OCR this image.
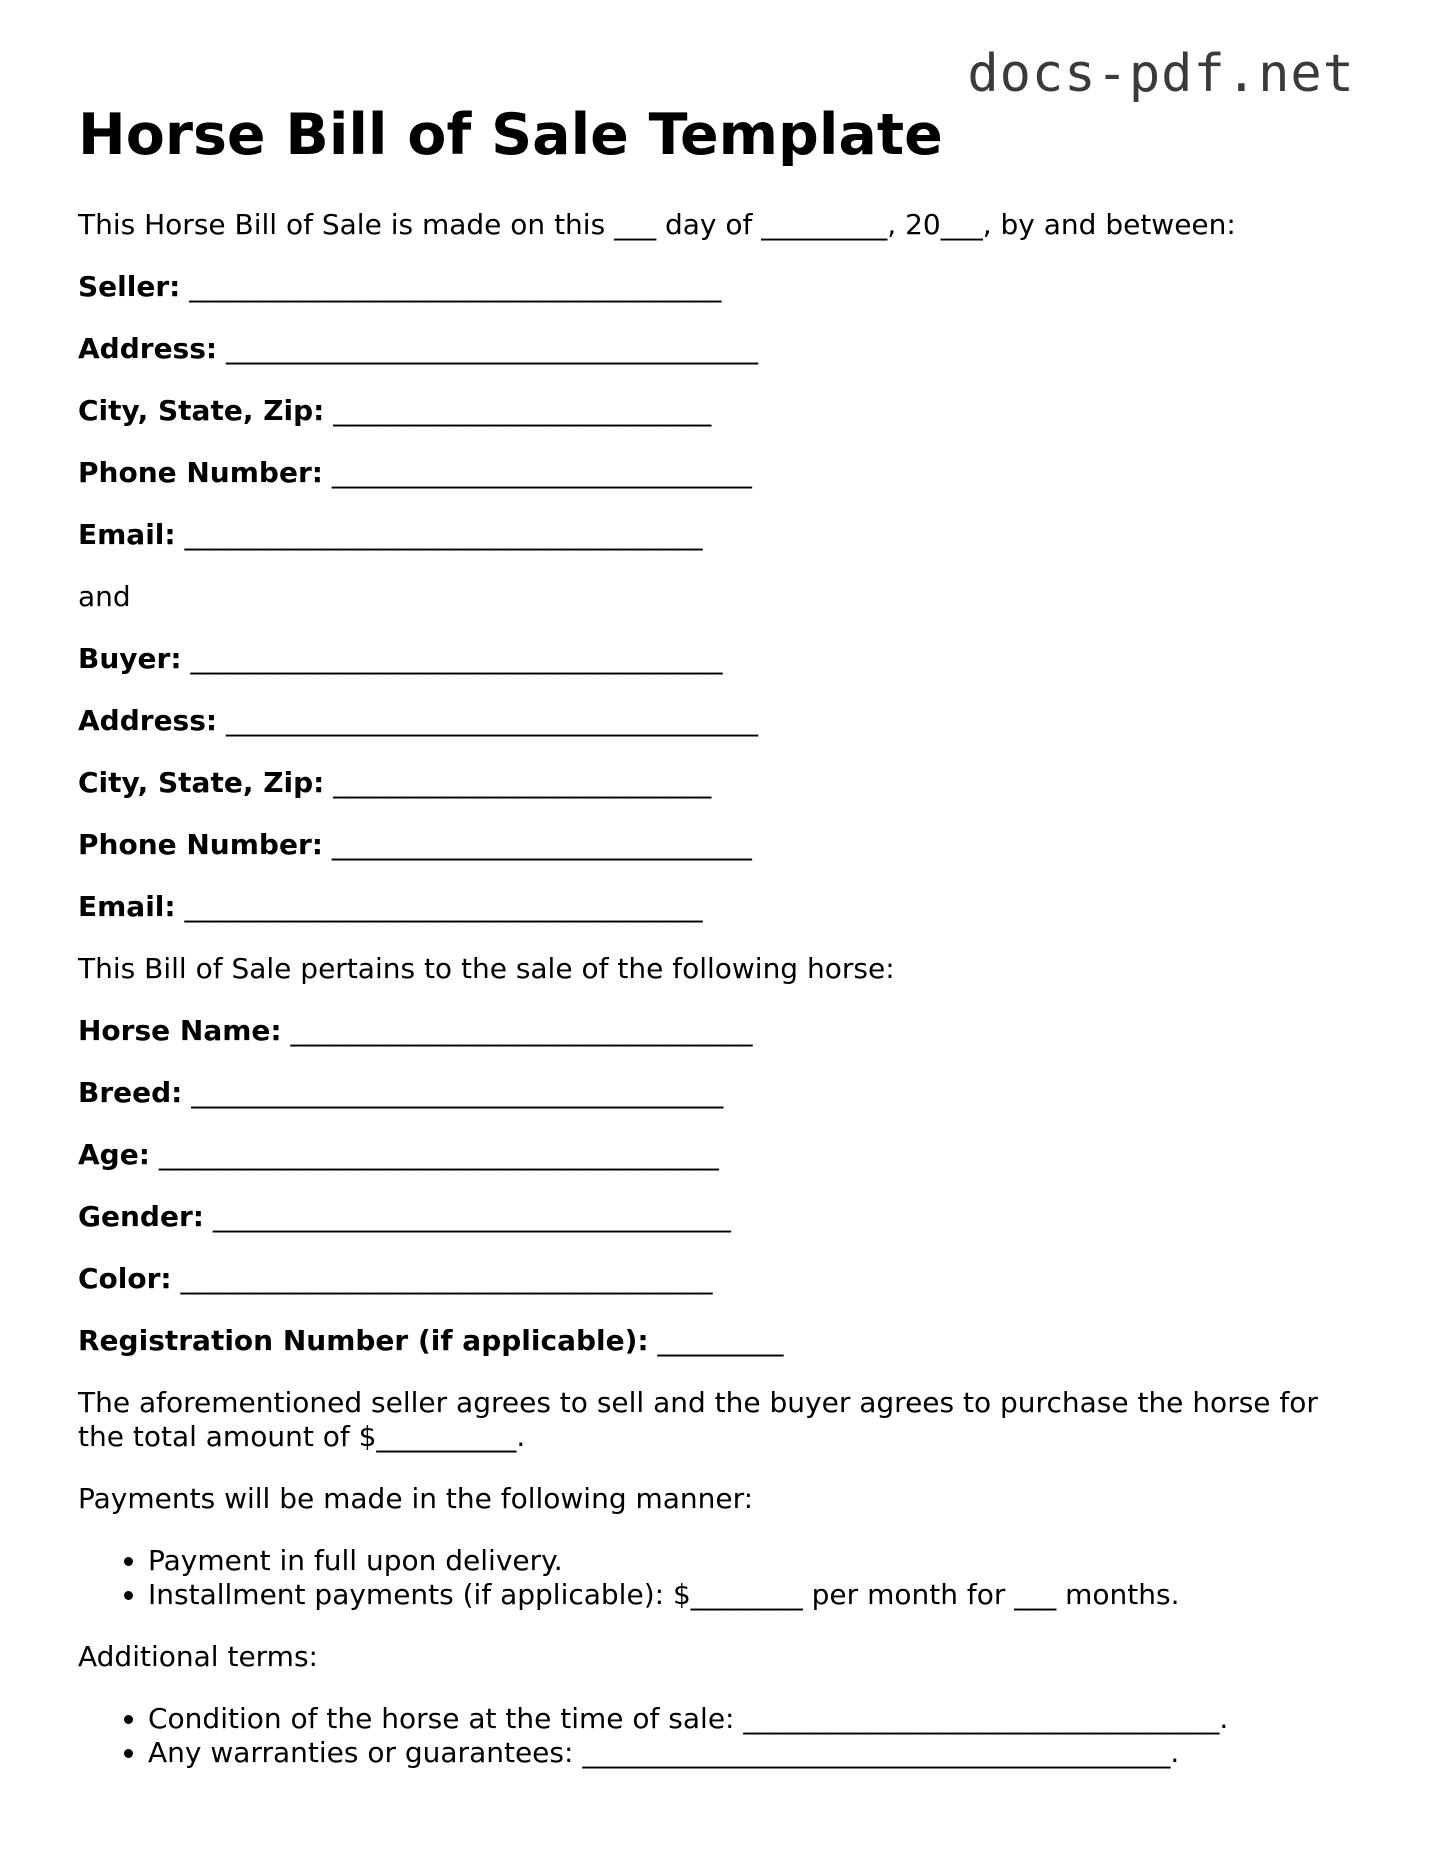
docs-pdf.net
Horse Bill of Sale Template

This Horse Bill of Sale is made on this ___ day of _________, 20___, by and between:

Seller: ______________________________________

Address: ______________________________________

City, State, Zip: ___________________________

Phone Number: ______________________________

Email: _____________________________________

and

Buyer: ______________________________________

Address: ______________________________________

City, State, Zip: ___________________________

Phone Number: ______________________________

Email: _____________________________________

This Bill of Sale pertains to the sale of the following horse:

Horse Name: _________________________________

Breed: ______________________________________

Age: ________________________________________

Gender: _____________________________________

Color: ______________________________________

Registration Number (if applicable): _________

The aforementioned seller agrees to sell and the buyer agrees to purchase the horse for the total amount of $__________.

Payments will be made in the following manner:

• Payment in full upon delivery.
• Installment payments (if applicable): $________ per month for ___ months.

Additional terms:

• Condition of the horse at the time of sale: __________________________________.
• Any warranties or guarantees: __________________________________________.
